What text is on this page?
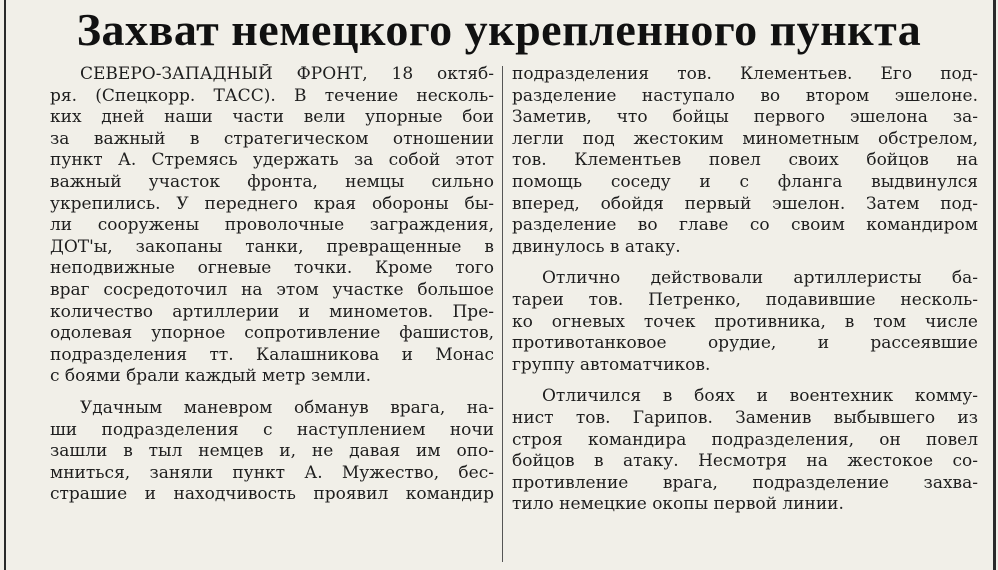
Захват немецкого укрепленного пункта
СЕВЕРО-ЗАПАДНЫЙ ФРОНТ, 18 октяб-
ря. (Спецкорр. ТАСС). В течение несколь-
ких дней наши части вели упорные бои
за важный в стратегическом отношении
пункт А. Стремясь удержать за собой этот
важный участок фронта, немцы сильно
укрепились. У переднего края обороны бы-
ли сооружены проволочные заграждения,
ДОТ'ы, закопаны танки, превращенные в
неподвижные огневые точки. Кроме того
враг сосредоточил на этом участке большое
количество артиллерии и минометов. Пре-
одолевая упорное сопротивление фашистов,
подразделения тт. Калашникова и Монас
с боями брали каждый метр земли.
Удачным маневром обманув врага, на-
ши подразделения с наступлением ночи
зашли в тыл немцев и, не давая им опо-
мниться, заняли пункт А. Мужество, бес-
страшие и находчивость проявил командир
подразделения тов. Клементьев. Его под-
разделение наступало во втором эшелоне.
Заметив, что бойцы первого эшелона за-
легли под жестоким минометным обстрелом,
тов. Клементьев повел своих бойцов на
помощь соседу и с фланга выдвинулся
вперед, обойдя первый эшелон. Затем под-
разделение во главе со своим командиром
двинулось в атаку.
Отлично действовали артиллеристы ба-
тареи тов. Петренко, подавившие несколь-
ко огневых точек противника, в том числе
противотанковое орудие, и рассеявшие
группу автоматчиков.
Отличился в боях и воентехник комму-
нист тов. Гарипов. Заменив выбывшего из
строя командира подразделения, он повел
бойцов в атаку. Несмотря на жестокое со-
противление врага, подразделение захва-
тило немецкие окопы первой линии.
